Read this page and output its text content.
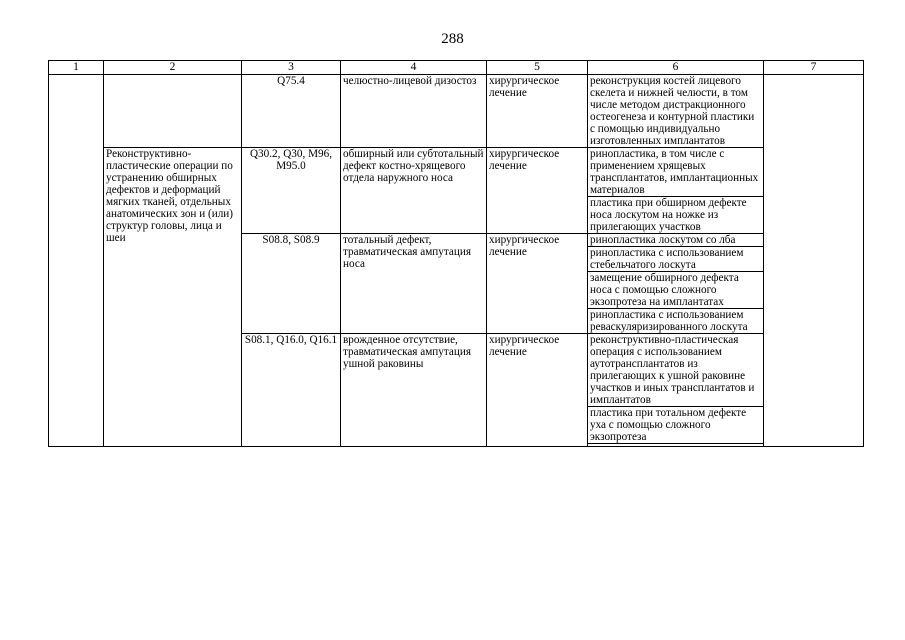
288
1	2	3	4	5	6	7
		Q75.4	челюстно-лицевой дизостоз	хирургическое лечение	реконструкция костей лицевого скелета и нижней челюсти, в том числе методом дистракционного остеогенеза и контурной пластики с помощью индивидуально изготовленных имплантатов	
	Реконструктивно-пластические операции по устранению обширных дефектов и деформаций мягких тканей, отдельных анатомических зон и (или) структур головы, лица и шеи	Q30.2, Q30, M96, M95.0	обширный или субтотальный дефект костно-хрящевого отдела наружного носа	хирургическое лечение	ринопластика, в том числе с применением хрящевых трансплантатов, имплантационных материалов	
					пластика при обширном дефекте носа лоскутом на ножке из прилегающих участков	
		S08.8, S08.9	тотальный дефект, травматическая ампутация носа	хирургическое лечение	ринопластика лоскутом со лба	
					ринопластика с использованием стебельчатого лоскута	
					замещение обширного дефекта носа с помощью сложного экзопротеза на имплантатах	
					ринопластика с использованием реваскуляризированного лоскута	
		S08.1, Q16.0, Q16.1	врожденное отсутствие, травматическая ампутация ушной раковины	хирургическое лечение	реконструктивно-пластическая операция с использованием аутотрансплантатов из прилегающих к ушной раковине участков и иных трансплантатов и имплантатов	
					пластика при тотальном дефекте уха с помощью сложного экзопротеза	
